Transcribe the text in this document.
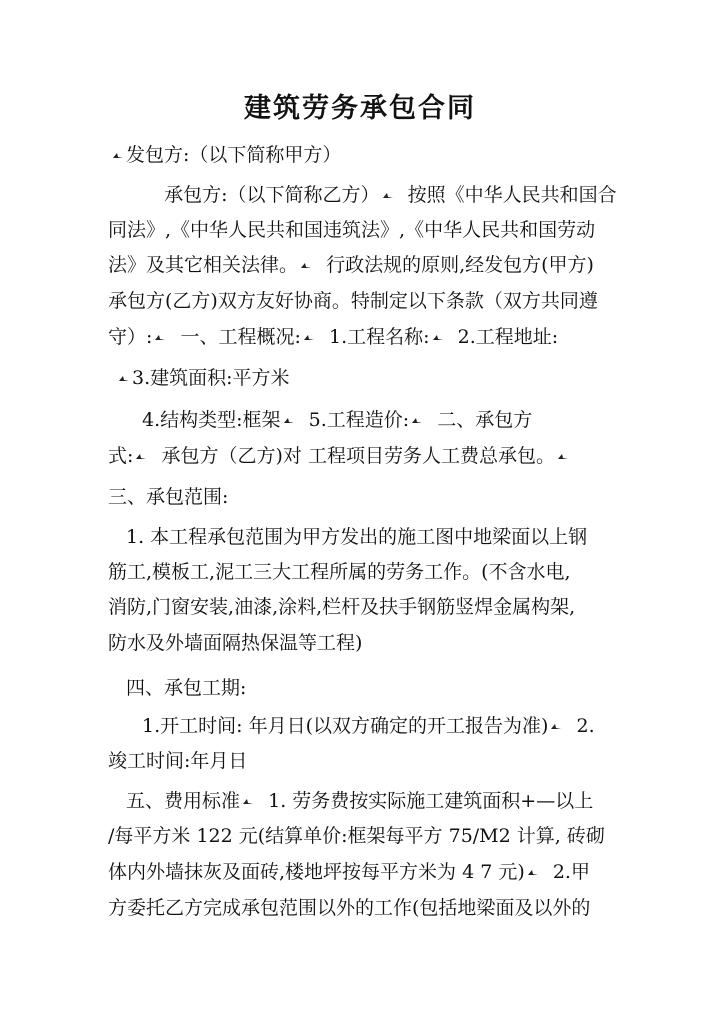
建筑劳务承包合同
发包方:（以下简称甲方）
承包方:（以下简称乙方） 按照《中华人民共和国合
同法》,《中华人民共和国违筑法》,《中华人民共和国劳动
法》及其它相关法律。 行政法规的原则,经发包方(甲方)
承包方(乙方)双方友好协商。特制定以下条款（双方共同遵
守）: 一、工程概况: 1.工程名称: 2.工程地址:
3.建筑面积:平方米
4.结构类型:框架 5.工程造价: 二、承包方
式: 承包方（乙方)对 工程项目劳务人工费总承包。
三、承包范围:
1. 本工程承包范围为甲方发出的施工图中地梁面以上钢
筋工,模板工,泥工三大工程所属的劳务工作。(不含水电,
消防,门窗安装,油漆,涂料,栏杆及扶手钢筋竖焊金属构架,
防水及外墙面隔热保温等工程)
四、承包工期:
1.开工时间: 年月日(以双方确定的开工报告为准) 2.
竣工时间:年月日
五、费用标准 1. 劳务费按实际施工建筑面积+—以上
/每平方米 122 元(结算单价:框架每平方 75/M2 计算, 砖砌
体内外墙抹灰及面砖,楼地坪按每平方米为 4 7 元) 2.甲
方委托乙方完成承包范围以外的工作(包括地梁面及以外的
